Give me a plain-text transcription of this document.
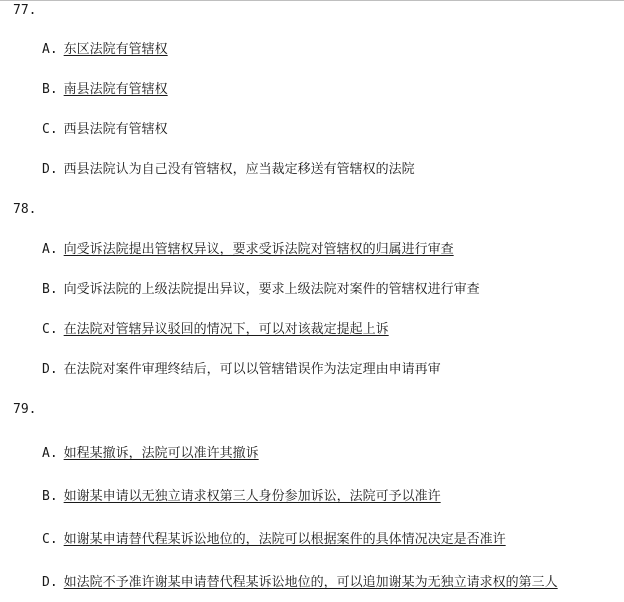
77.
A. 东区法院有管辖权
B. 南县法院有管辖权
C. 西县法院有管辖权
D. 西县法院认为自己没有管辖权，应当裁定移送有管辖权的法院
78.
A. 向受诉法院提出管辖权异议，要求受诉法院对管辖权的归属进行审查
B. 向受诉法院的上级法院提出异议，要求上级法院对案件的管辖权进行审查
C. 在法院对管辖异议驳回的情况下，可以对该裁定提起上诉
D. 在法院对案件审理终结后，可以以管辖错误作为法定理由申请再审
79.
A. 如程某撤诉，法院可以准许其撤诉
B. 如谢某申请以无独立请求权第三人身份参加诉讼，法院可予以准许
C. 如谢某申请替代程某诉讼地位的，法院可以根据案件的具体情况决定是否准许
D. 如法院不予准许谢某申请替代程某诉讼地位的，可以追加谢某为无独立请求权的第三人
